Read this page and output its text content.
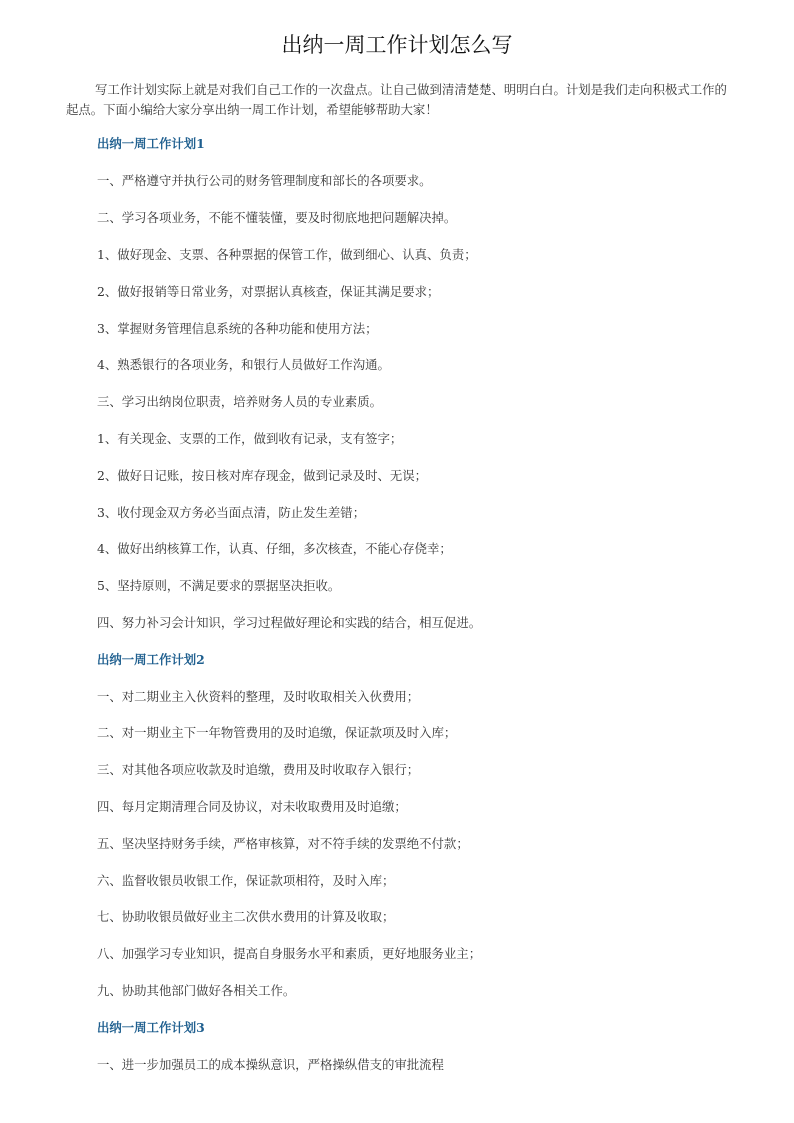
出纳一周工作计划怎么写
写工作计划实际上就是对我们自己工作的一次盘点。让自己做到清清楚楚、明明白白。计划是我们走向积极式工作的起点。下面小编给大家分享出纳一周工作计划，希望能够帮助大家！
出纳一周工作计划1
一、严格遵守并执行公司的财务管理制度和部长的各项要求。
二、学习各项业务，不能不懂装懂，要及时彻底地把问题解决掉。
1、做好现金、支票、各种票据的保管工作，做到细心、认真、负责；
2、做好报销等日常业务，对票据认真核查，保证其满足要求；
3、掌握财务管理信息系统的各种功能和使用方法；
4、熟悉银行的各项业务，和银行人员做好工作沟通。
三、学习出纳岗位职责，培养财务人员的专业素质。
1、有关现金、支票的工作，做到收有记录，支有签字；
2、做好日记账，按日核对库存现金，做到记录及时、无误；
3、收付现金双方务必当面点清，防止发生差错；
4、做好出纳核算工作，认真、仔细，多次核查，不能心存侥幸；
5、坚持原则，不满足要求的票据坚决拒收。
四、努力补习会计知识，学习过程做好理论和实践的结合，相互促进。
出纳一周工作计划2
一、对二期业主入伙资料的整理，及时收取相关入伙费用；
二、对一期业主下一年物管费用的及时追缴，保证款项及时入库；
三、对其他各项应收款及时追缴，费用及时收取存入银行；
四、每月定期清理合同及协议，对未收取费用及时追缴；
五、坚决坚持财务手续，严格审核算，对不符手续的发票绝不付款；
六、监督收银员收银工作，保证款项相符，及时入库；
七、协助收银员做好业主二次供水费用的计算及收取；
八、加强学习专业知识，提高自身服务水平和素质，更好地服务业主；
九、协助其他部门做好各相关工作。
出纳一周工作计划3
一、进一步加强员工的成本操纵意识，严格操纵借支的审批流程
